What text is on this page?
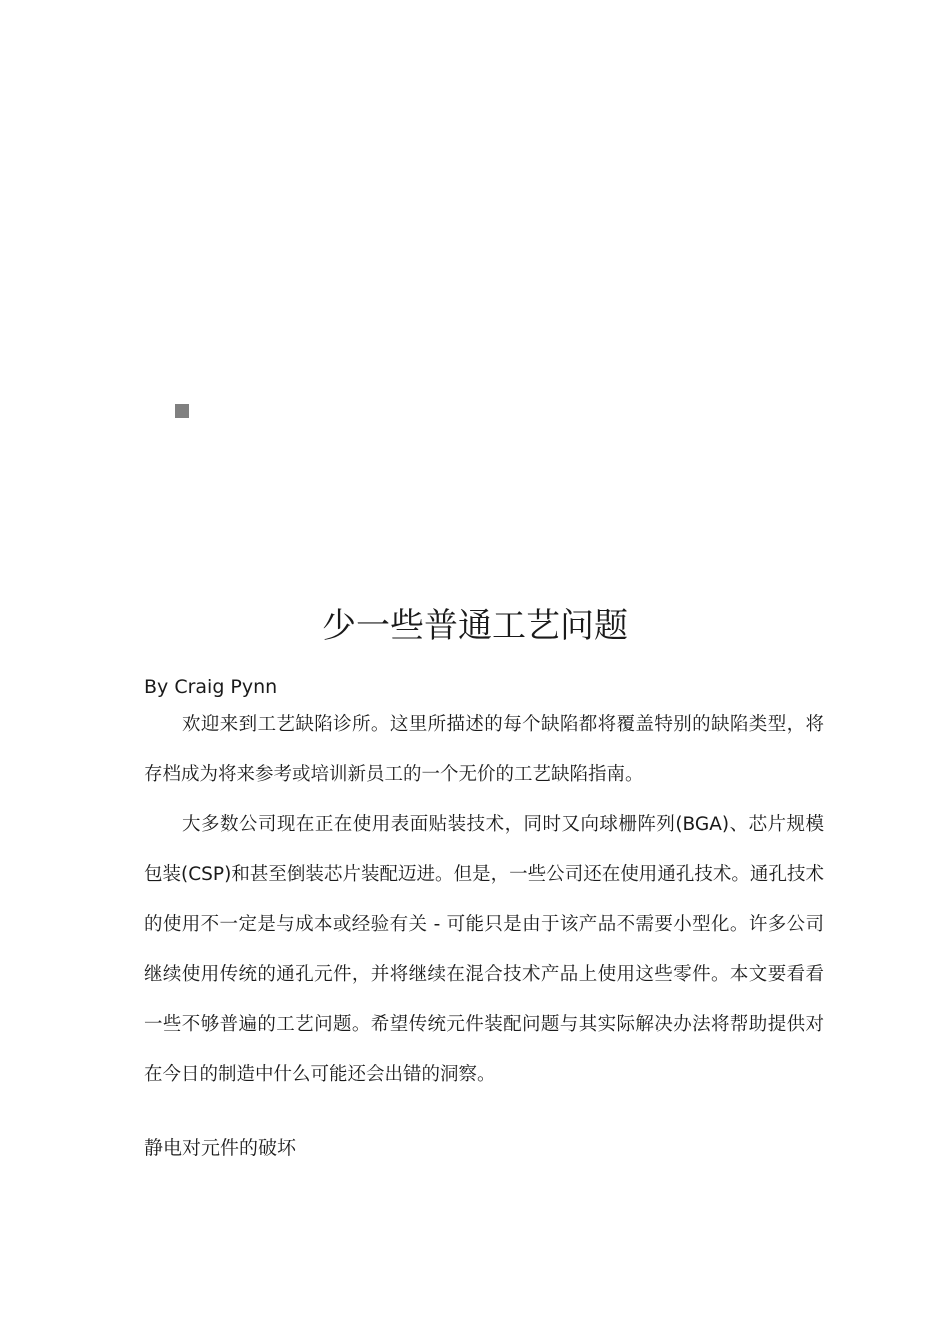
少一些普通工艺问题

By Craig Pynn

欢迎来到工艺缺陷诊所。这里所描述的每个缺陷都将覆盖特别的缺陷类型，将存档成为将来参考或培训新员工的一个无价的工艺缺陷指南。

大多数公司现在正在使用表面贴装技术，同时又向球栅阵列(BGA)、芯片规模包装(CSP)和甚至倒装芯片装配迈进。但是，一些公司还在使用通孔技术。通孔技术的使用不一定是与成本或经验有关 - 可能只是由于该产品不需要小型化。许多公司继续使用传统的通孔元件，并将继续在混合技术产品上使用这些零件。本文要看看一些不够普遍的工艺问题。希望传统元件装配问题与其实际解决办法将帮助提供对在今日的制造中什么可能还会出错的洞察。

静电对元件的破坏
